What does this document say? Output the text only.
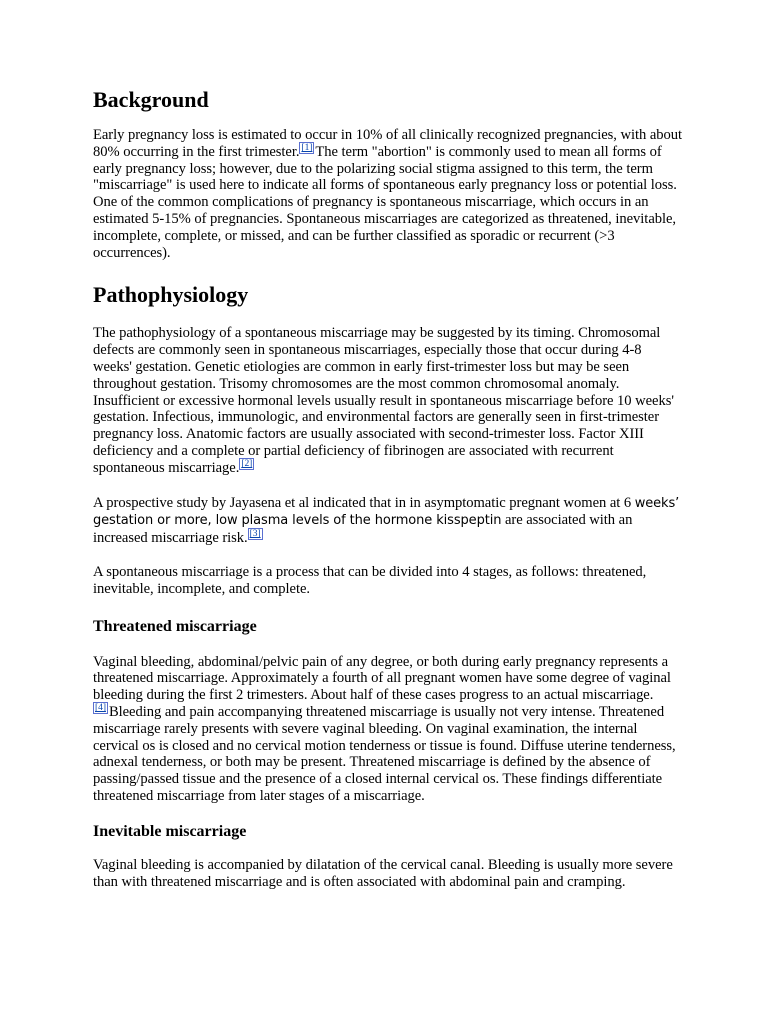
Background

Early pregnancy loss is estimated to occur in 10% of all clinically recognized pregnancies, with about 80% occurring in the first trimester. [1] The term "abortion" is commonly used to mean all forms of early pregnancy loss; however, due to the polarizing social stigma assigned to this term, the term "miscarriage" is used here to indicate all forms of spontaneous early pregnancy loss or potential loss. One of the common complications of pregnancy is spontaneous miscarriage, which occurs in an estimated 5-15% of pregnancies. Spontaneous miscarriages are categorized as threatened, inevitable, incomplete, complete, or missed, and can be further classified as sporadic or recurrent (>3 occurrences).

Pathophysiology

The pathophysiology of a spontaneous miscarriage may be suggested by its timing. Chromosomal defects are commonly seen in spontaneous miscarriages, especially those that occur during 4-8 weeks' gestation. Genetic etiologies are common in early first-trimester loss but may be seen throughout gestation. Trisomy chromosomes are the most common chromosomal anomaly. Insufficient or excessive hormonal levels usually result in spontaneous miscarriage before 10 weeks' gestation. Infectious, immunologic, and environmental factors are generally seen in first-trimester pregnancy loss. Anatomic factors are usually associated with second-trimester loss. Factor XIII deficiency and a complete or partial deficiency of fibrinogen are associated with recurrent spontaneous miscarriage. [2]

A prospective study by Jayasena et al indicated that in in asymptomatic pregnant women at 6 weeks’ gestation or more, low plasma levels of the hormone kisspeptin are associated with an increased miscarriage risk. [3]

A spontaneous miscarriage is a process that can be divided into 4 stages, as follows: threatened, inevitable, incomplete, and complete.

Threatened miscarriage

Vaginal bleeding, abdominal/pelvic pain of any degree, or both during early pregnancy represents a threatened miscarriage. Approximately a fourth of all pregnant women have some degree of vaginal bleeding during the first 2 trimesters. About half of these cases progress to an actual miscarriage.[4] Bleeding and pain accompanying threatened miscarriage is usually not very intense. Threatened miscarriage rarely presents with severe vaginal bleeding. On vaginal examination, the internal cervical os is closed and no cervical motion tenderness or tissue is found. Diffuse uterine tenderness, adnexal tenderness, or both may be present. Threatened miscarriage is defined by the absence of passing/passed tissue and the presence of a closed internal cervical os. These findings differentiate threatened miscarriage from later stages of a miscarriage.

Inevitable miscarriage

Vaginal bleeding is accompanied by dilatation of the cervical canal. Bleeding is usually more severe than with threatened miscarriage and is often associated with abdominal pain and cramping.
